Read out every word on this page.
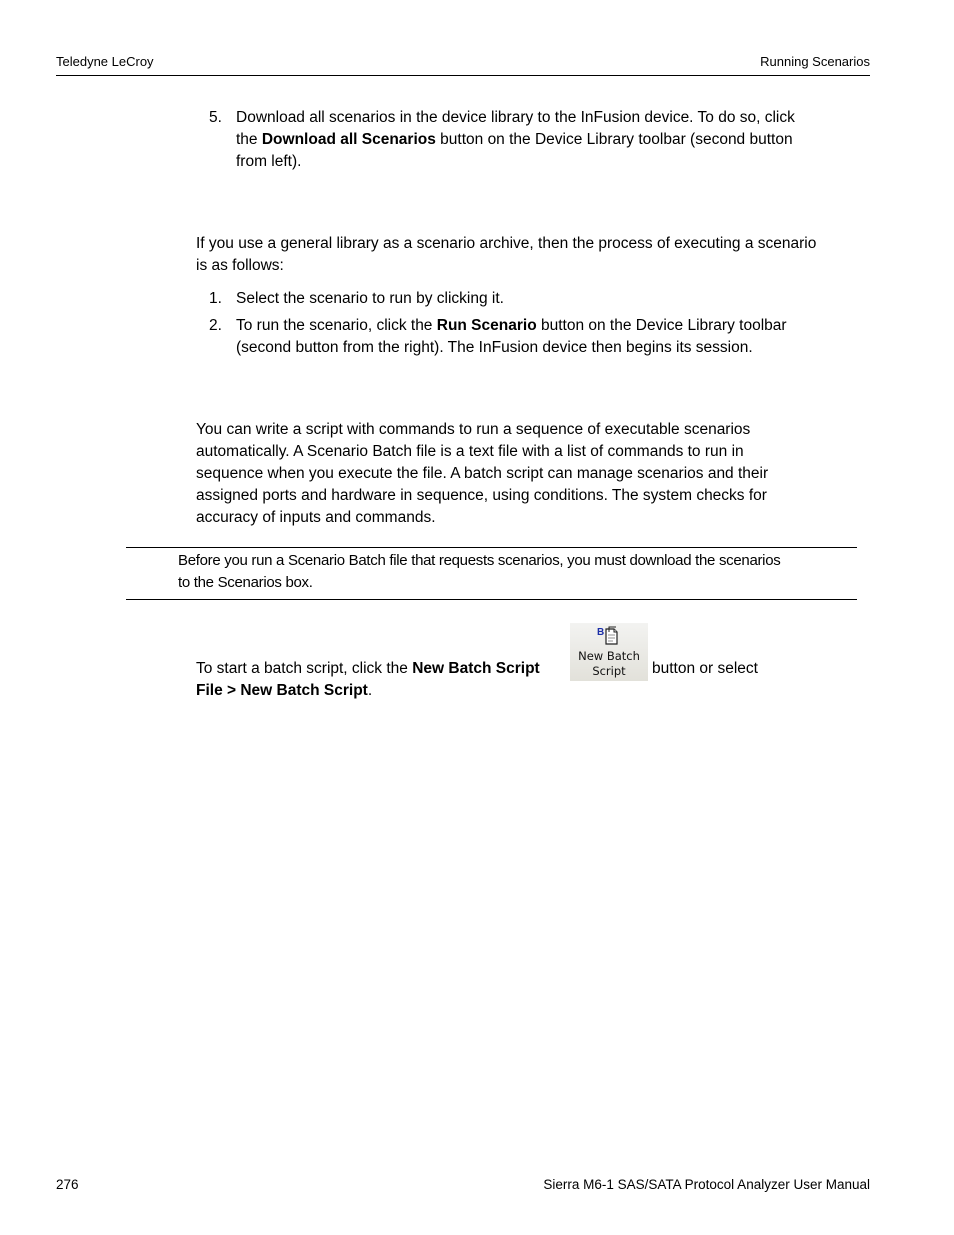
Teledyne LeCroy	Running Scenarios
5. Download all scenarios in the device library to the InFusion device. To do so, click
the Download all Scenarios button on the Device Library toolbar (second button
from left).
If you use a general library as a scenario archive, then the process of executing a scenario
is as follows:
1. Select the scenario to run by clicking it.
2. To run the scenario, click the Run Scenario button on the Device Library toolbar
(second button from the right). The InFusion device then begins its session.
You can write a script with commands to run a sequence of executable scenarios
automatically. A Scenario Batch file is a text file with a list of commands to run in
sequence when you execute the file. A batch script can manage scenarios and their
assigned ports and hardware in sequence, using conditions. The system checks for
accuracy of inputs and commands.
Before you run a Scenario Batch file that requests scenarios, you must download the scenarios
to the Scenarios box.
To start a batch script, click the New Batch Script
B
New Batch
Script	button or select
File > New Batch Script.
276	Sierra M6-1 SAS/SATA Protocol Analyzer User Manual
